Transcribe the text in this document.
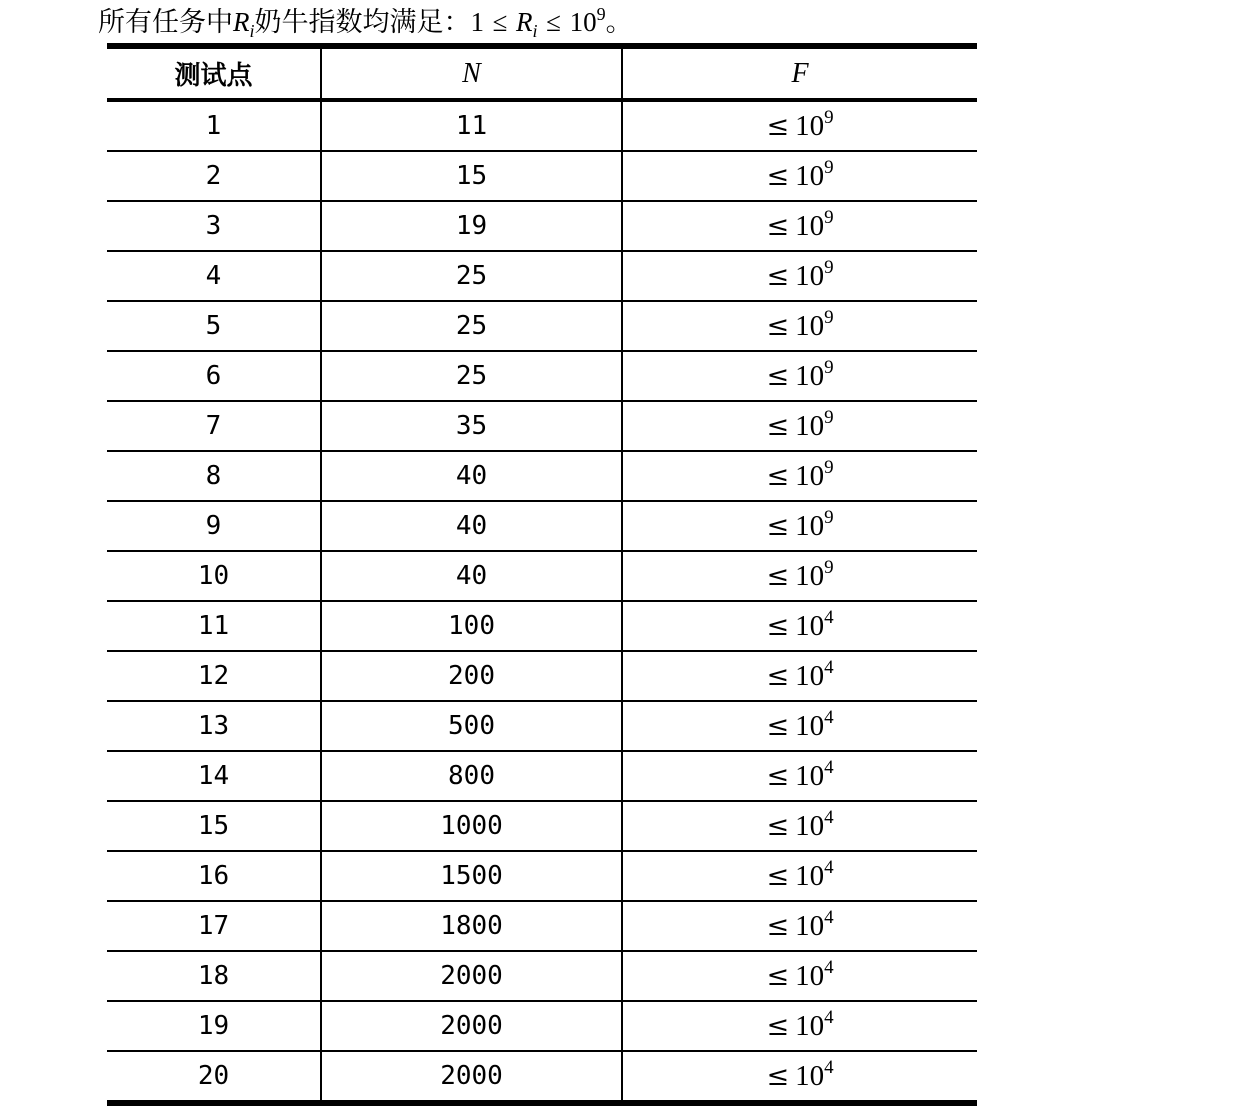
所有任务中$R_i$奶牛指数均满足：$1 \le R_i \le 10^9$。
测试点	N	F
1	11	≤ $10^9$
2	15	≤ $10^9$
3	19	≤ $10^9$
4	25	≤ $10^9$
5	25	≤ $10^9$
6	25	≤ $10^9$
7	35	≤ $10^9$
8	40	≤ $10^9$
9	40	≤ $10^9$
10	40	≤ $10^9$
11	100	≤ $10^4$
12	200	≤ $10^4$
13	500	≤ $10^4$
14	800	≤ $10^4$
15	1000	≤ $10^4$
16	1500	≤ $10^4$
17	1800	≤ $10^4$
18	2000	≤ $10^4$
19	2000	≤ $10^4$
20	2000	≤ $10^4$
